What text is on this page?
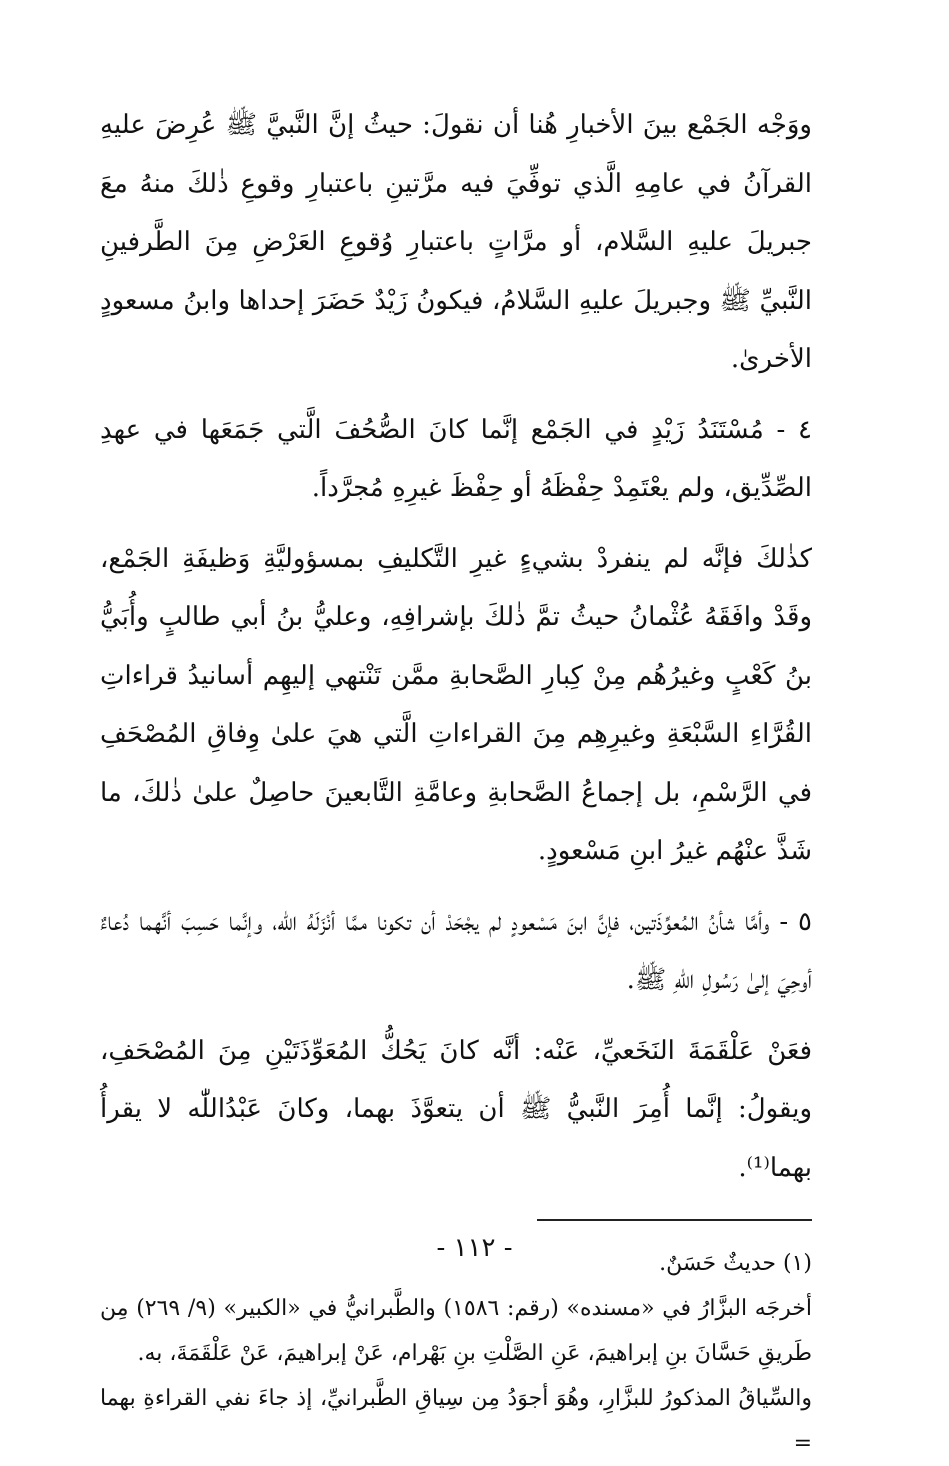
ووَجْه الجَمْع بينَ الأخبارِ هُنا أن نقولَ: حيثُ إنَّ النَّبيَّ ﷺ عُرِضَ عليهِ القرآنُ في عامِهِ الَّذي توفِّيَ فيه مرَّتينِ باعتبارِ وقوعِ ذٰلكَ منهُ معَ جبريلَ عليهِ السَّلام، أو مرَّاتٍ باعتبارِ وُقوعِ العَرْضِ مِنَ الطَّرفينِ النَّبيِّ ﷺ وجبريلَ عليهِ السَّلامُ، فيكونُ زَيْدٌ حَضَرَ إحداها وابنُ مسعودٍ الأخرىٰ.

٤ - مُسْتَنَدُ زَيْدٍ في الجَمْع إنَّما كانَ الصُّحُفَ الَّتي جَمَعَها في عهدِ الصِّدِّيق، ولم يعْتَمِدْ حِفْظَهُ أو حِفْظَ غيرِهِ مُجرَّداً.

كذٰلكَ فإنَّه لم ينفردْ بشيءٍ غيرِ التَّكليفِ بمسؤوليَّةِ وَظيفَةِ الجَمْع، وقَدْ وافَقَهُ عُثْمانُ حيثُ تمَّ ذٰلكَ بإشرافِهِ، وعليُّ بنُ أبي طالبٍ وأُبَيُّ بنُ كَعْبٍ وغيرُهُم مِنْ كِبارِ الصَّحابةِ ممَّن تَنْتهي إليهِم أسانيدُ قراءاتِ القُرَّاءِ السَّبْعَةِ وغيرِهِم مِنَ القراءاتِ الَّتي هيَ علىٰ وِفاقِ المُصْحَفِ في الرَّسْمِ، بل إجماعُ الصَّحابةِ وعامَّةِ التَّابعينَ حاصِلٌ علىٰ ذٰلكَ، ما شَذَّ عنْهُم غيرُ ابنِ مَسْعودٍ.

٥ - وأمَّا شأنُ المُعوِّذَتين، فإنَّ ابنَ مَسْعودٍ لم يجْحَدْ أن تكونا ممَّا أنْزَلَهُ اللّٰه، وإنَّما حَسِبَ أنَّهما دُعاءٌ أوحِيَ إلىٰ رَسُولِ اللّٰهِ ﷺ.

فعَنْ عَلْقَمَةَ النَخَعيِّ، عَنْه: أنَّه كانَ يَحُكُّ المُعَوِّذَتَيْنِ مِنَ المُصْحَفِ، ويقولُ: إنَّما أُمِرَ النَّبيُّ ﷺ أن يتعوَّذَ بهما، وكانَ عَبْدُاللّٰه لا يقرأُ بهما⁽¹⁾.

(١) حديثٌ حَسَنٌ.

أخرجَه البزَّارُ في «مسنده» (رقم: ١٥٨٦) والطَّبرانيُّ في «الكبير» (٩/ ٢٦٩) مِن طَريقِ حَسَّانَ بنِ إبراهيمَ، عَنِ الصَّلْتِ بنِ بَهْرام، عَنْ إبراهيمَ، عَنْ عَلْقَمَةَ، به.

والسِّياقُ المذكورُ للبزَّارِ، وهُوَ أجوَدُ مِن سِياقِ الطَّبرانيِّ، إذ جاءَ نفي القراءةِ بهما =

- ١١٢ -
